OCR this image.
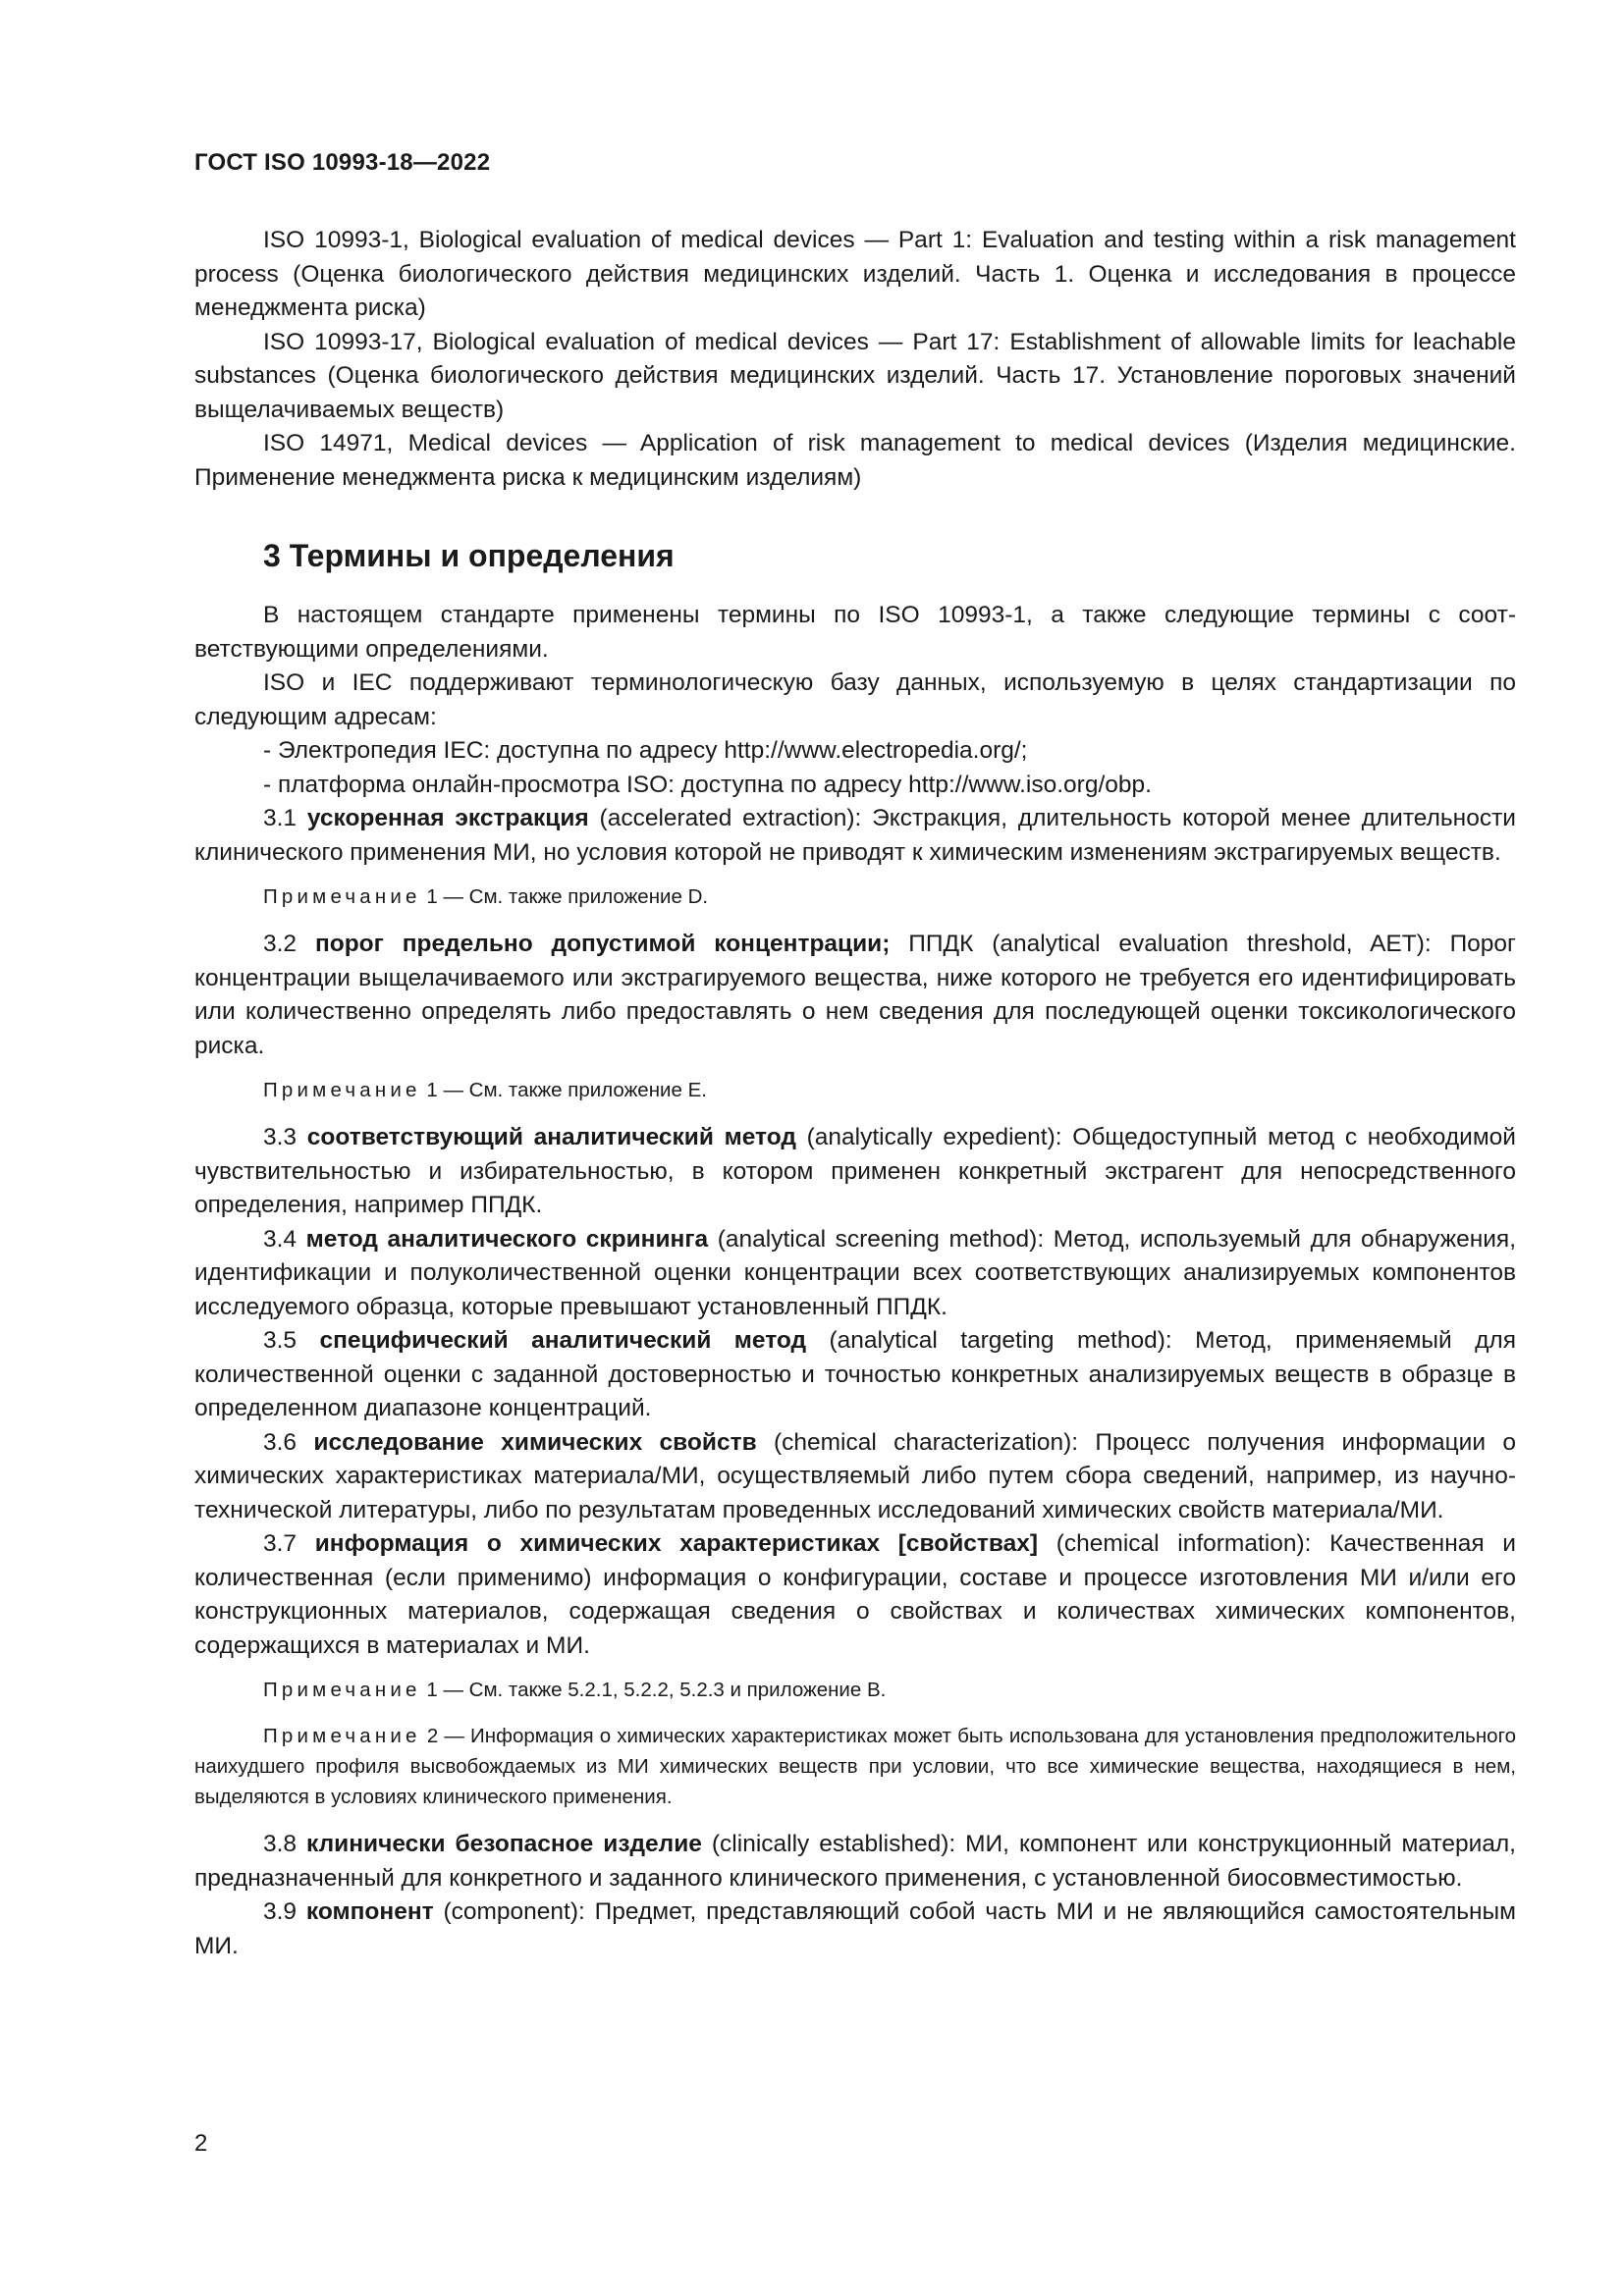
ГОСТ ISO 10993-18—2022

ISO 10993-1, Biological evaluation of medical devices — Part 1: Evaluation and testing within a risk management process (Оценка биологического действия медицинских изделий. Часть 1. Оценка и исследования в процессе менеджмента риска)

ISO 10993-17, Biological evaluation of medical devices — Part 17: Establishment of allowable limits for leachable substances (Оценка биологического действия медицинских изделий. Часть 17. Установление пороговых значений выщелачиваемых веществ)

ISO 14971, Medical devices — Application of risk management to medical devices (Изделия медицинские. Применение менеджмента риска к медицинским изделиям)

3 Термины и определения

В настоящем стандарте применены термины по ISO 10993-1, а также следующие термины с соответствующими определениями.

ISO и IEC поддерживают терминологическую базу данных, используемую в целях стандартизации по следующим адресам:

- Электропедия IEC: доступна по адресу http://www.electropedia.org/;

- платформа онлайн-просмотра ISO: доступна по адресу http://www.iso.org/obp.

3.1 ускоренная экстракция (accelerated extraction): Экстракция, длительность которой менее длительности клинического применения МИ, но условия которой не приводят к химическим изменениям экстрагируемых веществ.

Примечание 1 — См. также приложение D.

3.2 порог предельно допустимой концентрации; ППДК (analytical evaluation threshold, AET): Порог концентрации выщелачиваемого или экстрагируемого вещества, ниже которого не требуется его идентифицировать или количественно определять либо предоставлять о нем сведения для последующей оценки токсикологического риска.

Примечание 1 — См. также приложение E.

3.3 соответствующий аналитический метод (analytically expedient): Общедоступный метод с необходимой чувствительностью и избирательностью, в котором применен конкретный экстрагент для непосредственного определения, например ППДК.

3.4 метод аналитического скрининга (analytical screening method): Метод, используемый для обнаружения, идентификации и полуколичественной оценки концентрации всех соответствующих анализируемых компонентов исследуемого образца, которые превышают установленный ППДК.

3.5 специфический аналитический метод (analytical targeting method): Метод, применяемый для количественной оценки с заданной достоверностью и точностью конкретных анализируемых веществ в образце в определенном диапазоне концентраций.

3.6 исследование химических свойств (chemical characterization): Процесс получения информации о химических характеристиках материала/МИ, осуществляемый либо путем сбора сведений, например, из научно-технической литературы, либо по результатам проведенных исследований химических свойств материала/МИ.

3.7 информация о химических характеристиках [свойствах] (chemical information): Качественная и количественная (если применимо) информация о конфигурации, составе и процессе изготовления МИ и/или его конструкционных материалов, содержащая сведения о свойствах и количествах химических компонентов, содержащихся в материалах и МИ.

Примечание 1 — См. также 5.2.1, 5.2.2, 5.2.3 и приложение B.

Примечание 2 — Информация о химических характеристиках может быть использована для установления предположительного наихудшего профиля высвобождаемых из МИ химических веществ при условии, что все химические вещества, находящиеся в нем, выделяются в условиях клинического применения.

3.8 клинически безопасное изделие (clinically established): МИ, компонент или конструкционный материал, предназначенный для конкретного и заданного клинического применения, с установленной биосовместимостью.

3.9 компонент (component): Предмет, представляющий собой часть МИ и не являющийся самостоятельным МИ.

2
